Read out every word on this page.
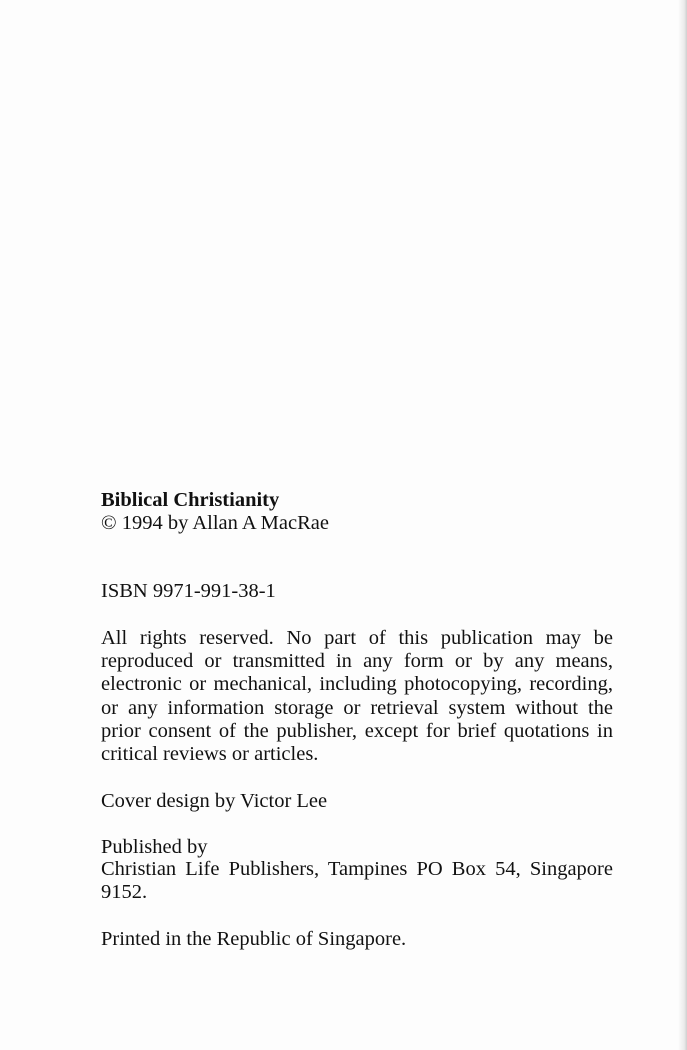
Biblical Christianity
© 1994 by Allan A MacRae
ISBN 9971-991-38-1
All rights reserved. No part of this publication may be reproduced or transmitted in any form or by any means, electronic or mechanical, including photocopying, recording, or any information storage or retrieval system without the prior consent of the publisher, except for brief quotations in critical reviews or articles.
Cover design by Victor Lee
Published by
Christian Life Publishers, Tampines PO Box 54, Singapore 9152.
Printed in the Republic of Singapore.
